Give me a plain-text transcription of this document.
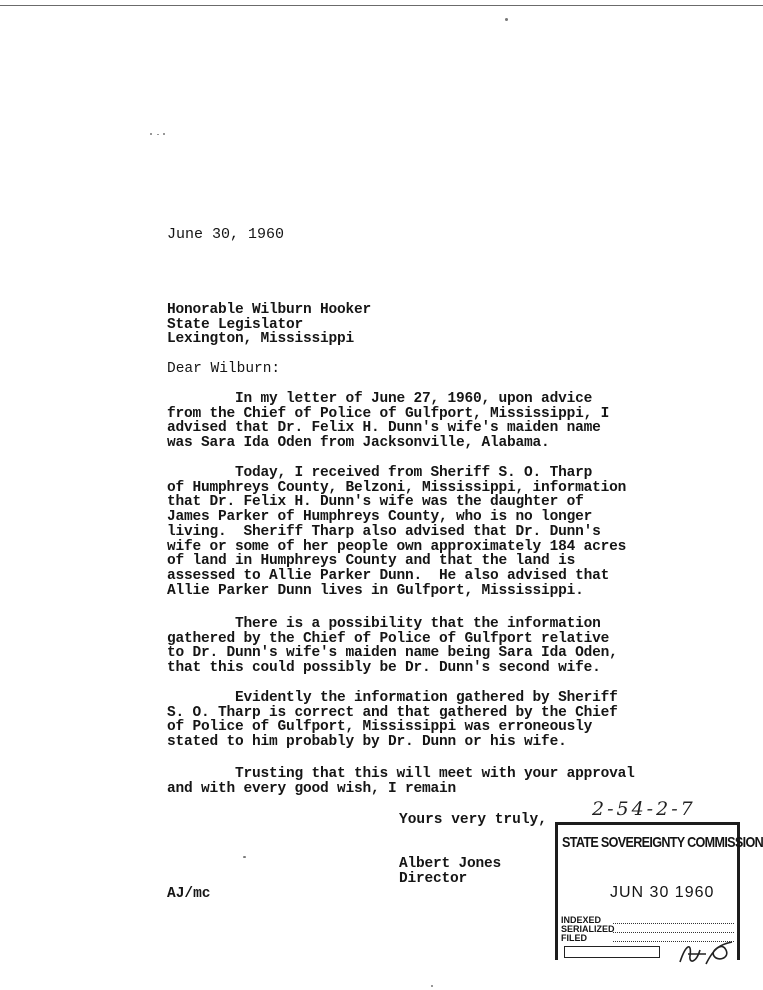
June 30, 1960
Honorable Wilburn Hooker
State Legislator
Lexington, Mississippi
Dear Wilburn:
In my letter of June 27, 1960, upon advice
from the Chief of Police of Gulfport, Mississippi, I
advised that Dr. Felix H. Dunn's wife's maiden name
was Sara Ida Oden from Jacksonville, Alabama.
Today, I received from Sheriff S. O. Tharp
of Humphreys County, Belzoni, Mississippi, information
that Dr. Felix H. Dunn's wife was the daughter of
James Parker of Humphreys County, who is no longer
living.  Sheriff Tharp also advised that Dr. Dunn's
wife or some of her people own approximately 184 acres
of land in Humphreys County and that the land is
assessed to Allie Parker Dunn.  He also advised that
Allie Parker Dunn lives in Gulfport, Mississippi.
There is a possibility that the information
gathered by the Chief of Police of Gulfport relative
to Dr. Dunn's wife's maiden name being Sara Ida Oden,
that this could possibly be Dr. Dunn's second wife.
Evidently the information gathered by Sheriff
S. O. Tharp is correct and that gathered by the Chief
of Police of Gulfport, Mississippi was erroneously
stated to him probably by Dr. Dunn or his wife.
Trusting that this will meet with your approval
and with every good wish, I remain
Yours very truly,
Albert Jones
Director
AJ/mc
2-54-2-7
STATE SOVEREIGNTY COMMISSION
JUN 30 1960
INDEXED
SERIALIZED
FILED
